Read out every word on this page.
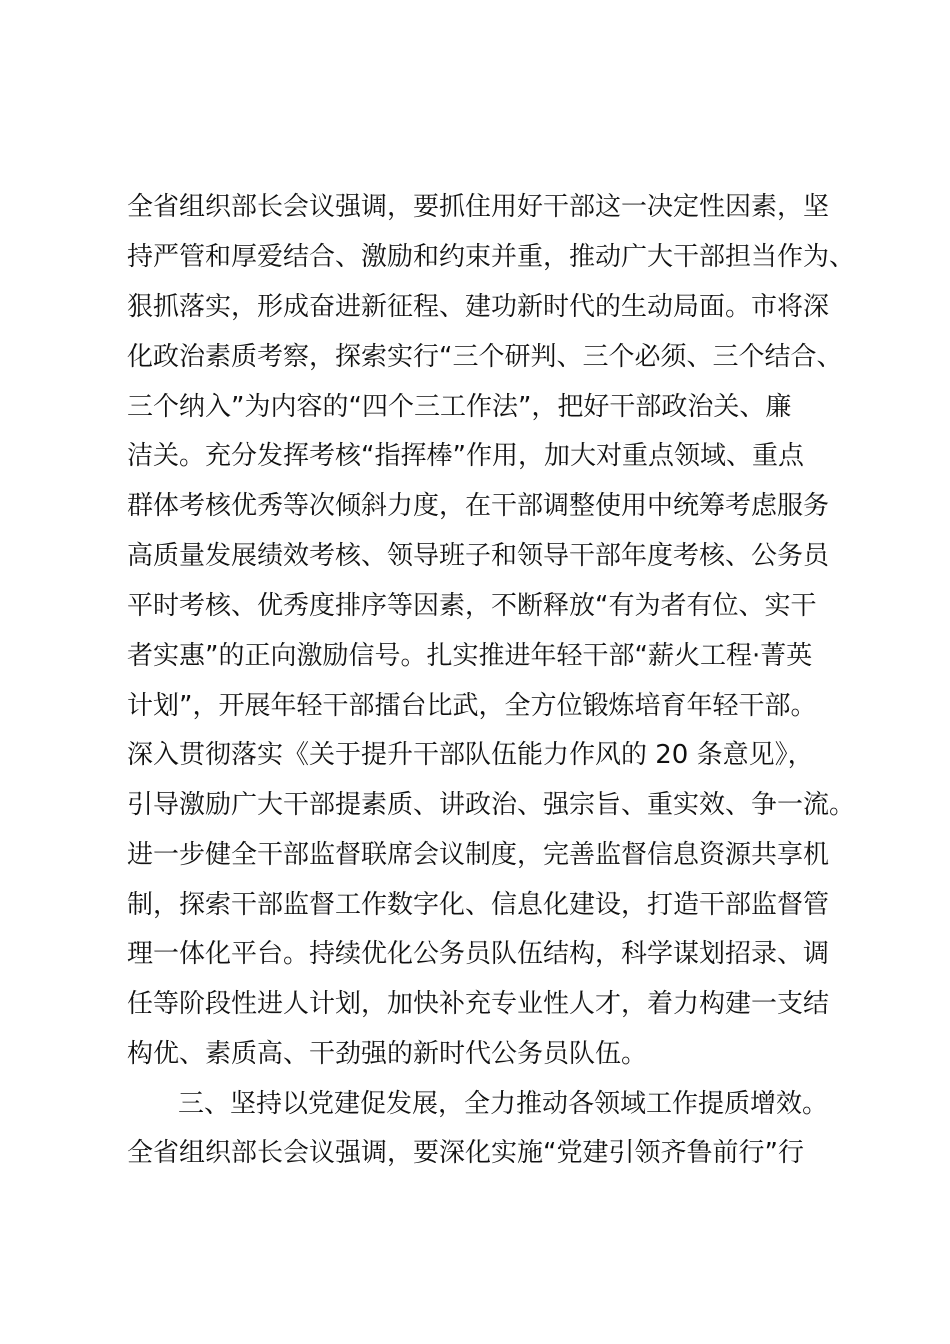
全省组织部长会议强调，要抓住用好干部这一决定性因素，坚
持严管和厚爱结合、激励和约束并重，推动广大干部担当作为、
狠抓落实，形成奋进新征程、建功新时代的生动局面。市将深
化政治素质考察，探索实行“三个研判、三个必须、三个结合、
三个纳入”为内容的“四个三工作法”，把好干部政治关、廉
洁关。充分发挥考核“指挥棒”作用，加大对重点领域、重点
群体考核优秀等次倾斜力度，在干部调整使用中统筹考虑服务
高质量发展绩效考核、领导班子和领导干部年度考核、公务员
平时考核、优秀度排序等因素，不断释放“有为者有位、实干
者实惠”的正向激励信号。扎实推进年轻干部“薪火工程·菁英
计划”，开展年轻干部擂台比武，全方位锻炼培育年轻干部。
深入贯彻落实《关于提升干部队伍能力作风的 20 条意见》，
引导激励广大干部提素质、讲政治、强宗旨、重实效、争一流。
进一步健全干部监督联席会议制度，完善监督信息资源共享机
制，探索干部监督工作数字化、信息化建设，打造干部监督管
理一体化平台。持续优化公务员队伍结构，科学谋划招录、调
任等阶段性进人计划，加快补充专业性人才，着力构建一支结
构优、素质高、干劲强的新时代公务员队伍。
三、坚持以党建促发展，全力推动各领域工作提质增效。
全省组织部长会议强调，要深化实施“党建引领齐鲁前行”行
